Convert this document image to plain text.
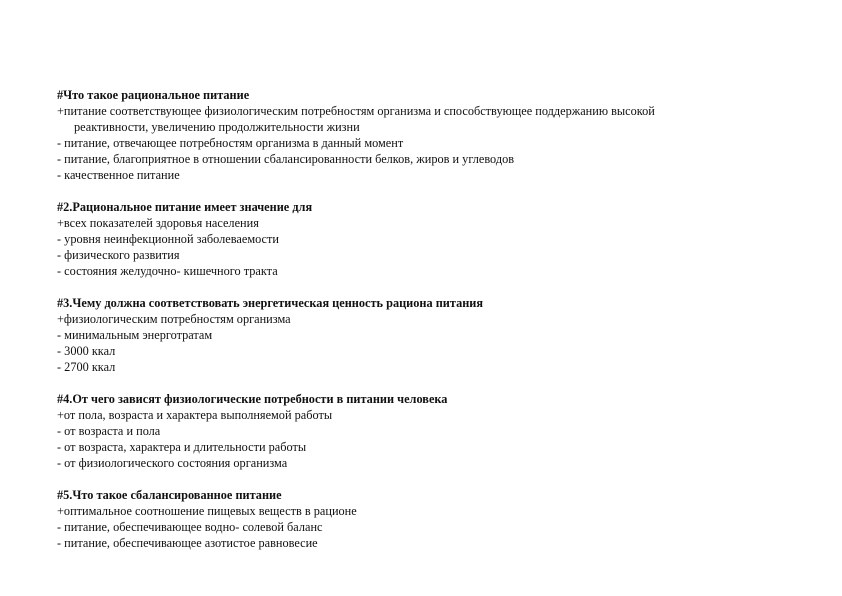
#Что такое рациональное питание
+питание соответствующее физиологическим потребностям организма и способствующее поддержанию высокой
реактивности, увеличению продолжительности жизни
- питание, отвечающее потребностям организма в данный момент
- питание, благоприятное в отношении сбалансированности белков, жиров и углеводов
- качественное питание
#2.Рациональное питание имеет значение для
+всех показателей здоровья населения
- уровня неинфекционной заболеваемости
- физического развития
- состояния желудочно- кишечного тракта
#3.Чему должна соответствовать энергетическая ценность рациона питания
+физиологическим потребностям организма
- минимальным энерготратам
- 3000 ккал
- 2700 ккал
#4.От чего зависят физиологические потребности в питании человека
+от пола, возраста и характера выполняемой работы
- от возраста и пола
- от возраста, характера и длительности работы
- от физиологического состояния организма
#5.Что такое сбалансированное питание
+оптимальное соотношение пищевых веществ в рационе
- питание, обеспечивающее водно- солевой баланс
- питание, обеспечивающее азотистое равновесие
